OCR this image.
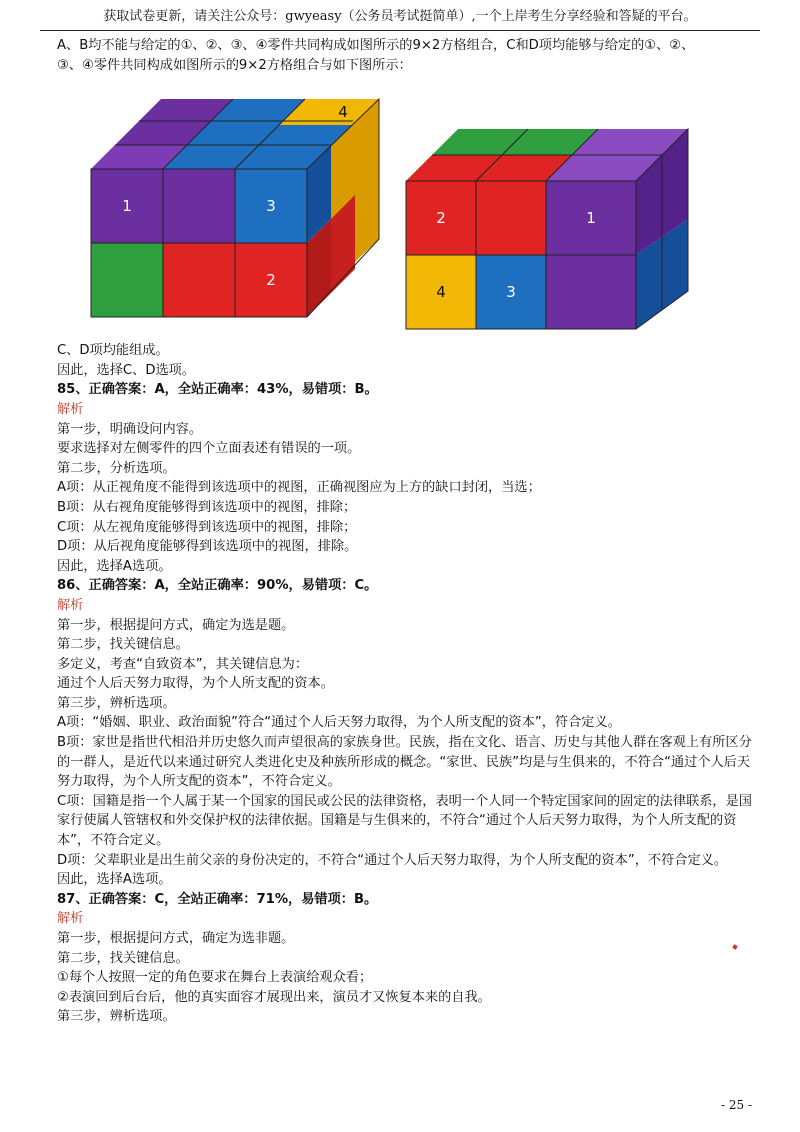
获取试卷更新，请关注公众号：gwyeasy（公务员考试挺简单）,一个上岸考生分享经验和答疑的平台。
A、B均不能与给定的①、②、③、④零件共同构成如图所示的9×2方格组合，C和D项均能够与给定的①、②、
③、④零件共同构成如图所示的9×2方格组合与如下图所示：
1	3
2
4
2	1
4	3
C、D项均能组成。
因此，选择C、D选项。
85、正确答案：A，全站正确率：43%，易错项：B。
解析
第一步，明确设问内容。
要求选择对左侧零件的四个立面表述有错误的一项。
第二步，分析选项。
A项：从正视角度不能得到该选项中的视图，正确视图应为上方的缺口封闭，当选；
B项：从右视角度能够得到该选项中的视图，排除；
C项：从左视角度能够得到该选项中的视图，排除；
D项：从后视角度能够得到该选项中的视图，排除。
因此，选择A选项。
86、正确答案：A，全站正确率：90%，易错项：C。
解析
第一步，根据提问方式，确定为选是题。
第二步，找关键信息。
多定义，考查“自致资本”，其关键信息为：
通过个人后天努力取得，为个人所支配的资本。
第三步，辨析选项。
A项：“婚姻、职业、政治面貌”符合“通过个人后天努力取得，为个人所支配的资本”，符合定义。
B项：家世是指世代相沿并历史悠久而声望很高的家族身世。民族，指在文化、语言、历史与其他人群在客观上有所区分的一群人，是近代以来通过研究人类进化史及种族所形成的概念。“家世、民族”均是与生俱来的，不符合“通过个人后天努力取得，为个人所支配的资本”，不符合定义。
C项：国籍是指一个人属于某一个国家的国民或公民的法律资格，表明一个人同一个特定国家间的固定的法律联系，是国家行使属人管辖权和外交保护权的法律依据。国籍是与生俱来的，不符合“通过个人后天努力取得，为个人所支配的资本”，不符合定义。
D项：父辈职业是出生前父亲的身份决定的，不符合“通过个人后天努力取得，为个人所支配的资本”，不符合定义。
因此，选择A选项。
87、正确答案：C，全站正确率：71%，易错项：B。
解析
第一步，根据提问方式，确定为选非题。
第二步，找关键信息。
①每个人按照一定的角色要求在舞台上表演给观众看；
②表演回到后台后，他的真实面容才展现出来，演员才又恢复本来的自我。
第三步，辨析选项。
- 25 -
